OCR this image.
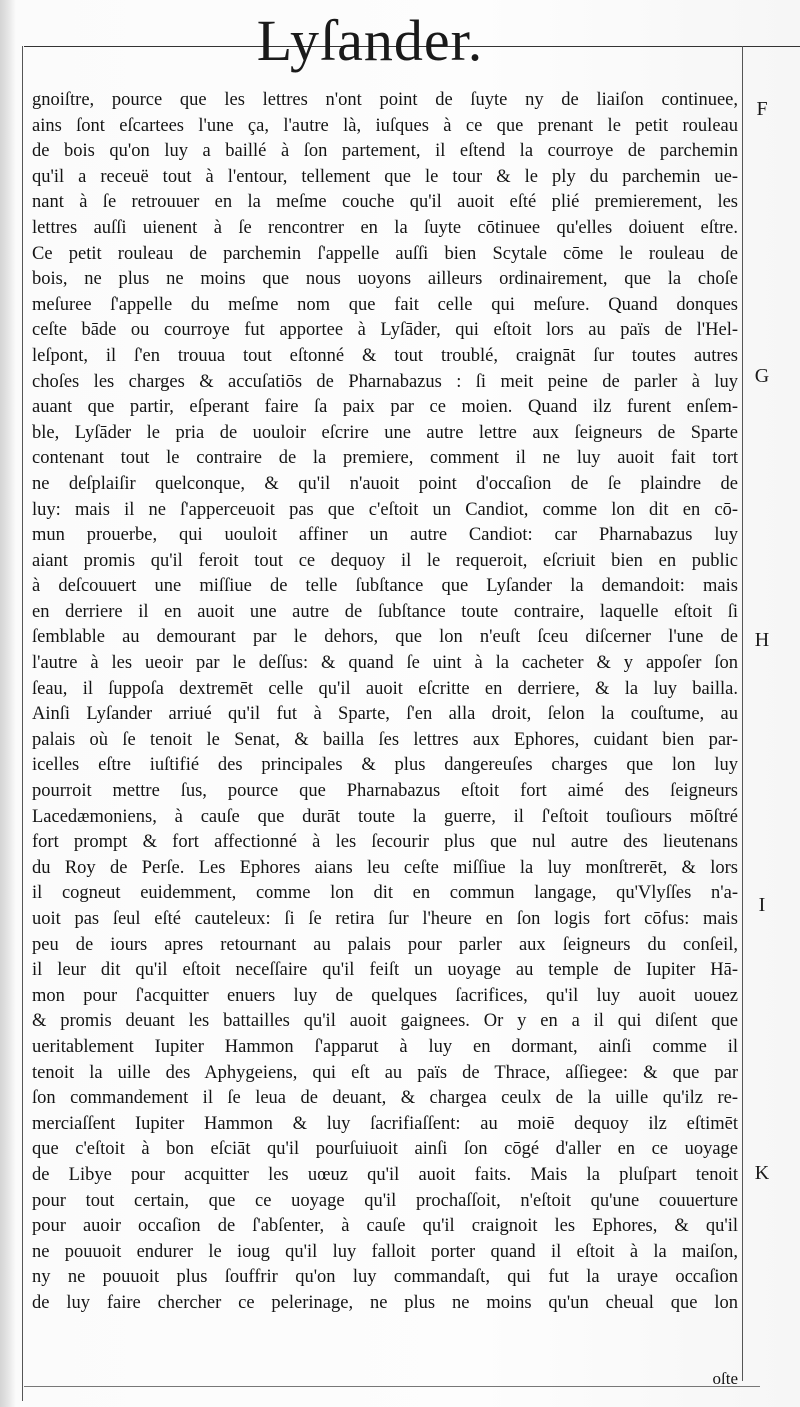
Lyſander.
gnoiſtre, pource que les lettres n'ont point de ſuyte ny de liaiſon continuee,
ains ſont eſcartees l'une ça, l'autre là, iuſques à ce que prenant le petit rouleau
de bois qu'on luy a baillé à ſon partement, il eſtend la courroye de parchemin
qu'il a receuë tout à l'entour, tellement que le tour & le ply du parchemin ue-
nant à ſe retrouuer en la meſme couche qu'il auoit eſté plié premierement, les
lettres auſſi uienent à ſe rencontrer en la ſuyte cōtinuee qu'elles doiuent eſtre.
Ce petit rouleau de parchemin ſ'appelle auſſi bien Scytale cōme le rouleau de
bois, ne plus ne moins que nous uoyons ailleurs ordinairement, que la choſe
meſuree ſ'appelle du meſme nom que fait celle qui meſure. Quand donques
ceſte bāde ou courroye fut apportee à Lyſāder, qui eſtoit lors au païs de l'Hel-
leſpont, il ſ'en trouua tout eſtonné & tout troublé, craignāt ſur toutes autres
choſes les charges & accuſatiōs de Pharnabazus : ſi meit peine de parler à luy
auant que partir, eſperant faire ſa paix par ce moien. Quand ilz furent enſem-
ble, Lyſāder le pria de uouloir eſcrire une autre lettre aux ſeigneurs de Sparte
contenant tout le contraire de la premiere, comment il ne luy auoit fait tort
ne deſplaiſir quelconque, & qu'il n'auoit point d'occaſion de ſe plaindre de
luy: mais il ne ſ'apperceuoit pas que c'eſtoit un Candiot, comme lon dit en cō-
mun prouerbe, qui uouloit affiner un autre Candiot: car Pharnabazus luy
aiant promis qu'il feroit tout ce dequoy il le requeroit, eſcriuit bien en public
à deſcouuert une miſſiue de telle ſubſtance que Lyſander la demandoit: mais
en derriere il en auoit une autre de ſubſtance toute contraire, laquelle eſtoit ſi
ſemblable au demourant par le dehors, que lon n'euſt ſceu diſcerner l'une de
l'autre à les ueoir par le deſſus: & quand ſe uint à la cacheter & y appoſer ſon
ſeau, il ſuppoſa dextremēt celle qu'il auoit eſcritte en derriere, & la luy bailla.
Ainſi Lyſander arriué qu'il fut à Sparte, ſ'en alla droit, ſelon la couſtume, au
palais où ſe tenoit le Senat, & bailla ſes lettres aux Ephores, cuidant bien par-
icelles eſtre iuſtifié des principales & plus dangereuſes charges que lon luy
pourroit mettre ſus, pource que Pharnabazus eſtoit fort aimé des ſeigneurs
Lacedæmoniens, à cauſe que durāt toute la guerre, il ſ'eſtoit touſiours mōſtré
fort prompt & fort affectionné à les ſecourir plus que nul autre des lieutenans
du Roy de Perſe. Les Ephores aians leu ceſte miſſiue la luy monſtrerēt, & lors
il cogneut euidemment, comme lon dit en commun langage, qu'Vlyſſes n'a-
uoit pas ſeul eſté cauteleux: ſi ſe retira ſur l'heure en ſon logis fort cōfus: mais
peu de iours apres retournant au palais pour parler aux ſeigneurs du conſeil,
il leur dit qu'il eſtoit neceſſaire qu'il feiſt un uoyage au temple de Iupiter Hā-
mon pour ſ'acquitter enuers luy de quelques ſacrifices, qu'il luy auoit uouez
& promis deuant les battailles qu'il auoit gaignees. Or y en a il qui diſent que
ueritablement Iupiter Hammon ſ'apparut à luy en dormant, ainſi comme il
tenoit la uille des Aphygeiens, qui eſt au païs de Thrace, aſſiegee: & que par
ſon commandement il ſe leua de deuant, & chargea ceulx de la uille qu'ilz re-
merciaſſent Iupiter Hammon & luy ſacrifiaſſent: au moiē dequoy ilz eſtimēt
que c'eſtoit à bon eſciāt qu'il pourſuiuoit ainſi ſon cōgé d'aller en ce uoyage
de Libye pour acquitter les uœuz qu'il auoit faits. Mais la pluſpart tenoit
pour tout certain, que ce uoyage qu'il prochaſſoit, n'eſtoit qu'une couuerture
pour auoir occaſion de ſ'abſenter, à cauſe qu'il craignoit les Ephores, & qu'il
ne pouuoit endurer le ioug qu'il luy falloit porter quand il eſtoit à la maiſon,
ny ne pouuoit plus ſouffrir qu'on luy commandaſt, qui fut la uraye occaſion
de luy faire chercher ce pelerinage, ne plus ne moins qu'un cheual que lon
F
G
H
I
K
oſte
